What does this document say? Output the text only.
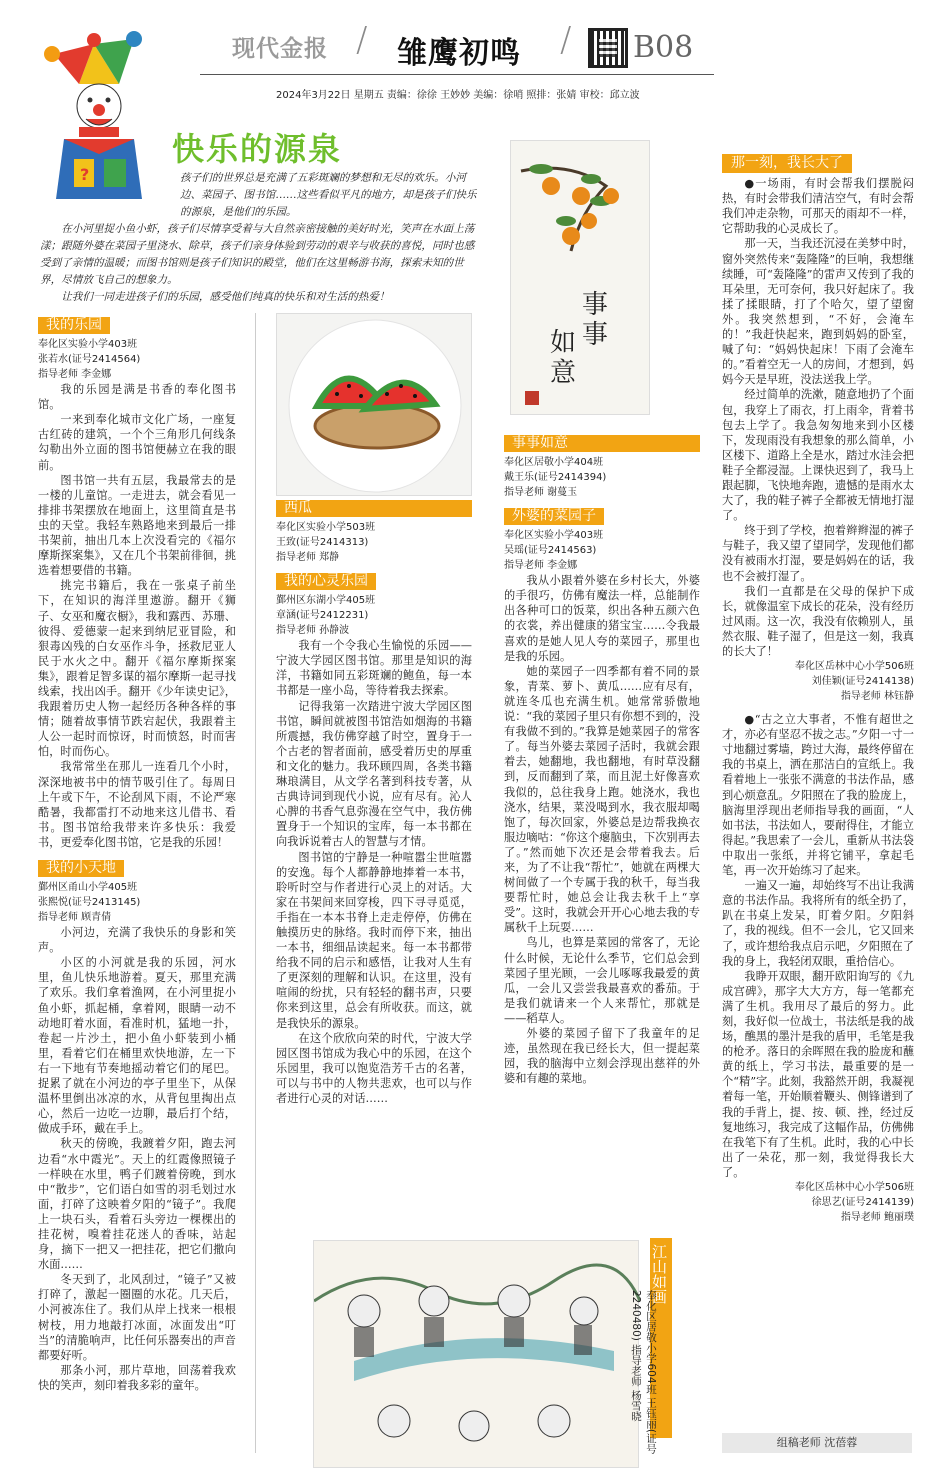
?
现代金报 / 雏鹰初鸣 / B08
2024年3月22日 星期五 责编：徐徐 王妙妙 美编：徐哨 照排：张婧 审校：邱立波
快乐的源泉

孩子们的世界总是充满了五彩斑斓的梦想和无尽的欢乐。小河边、菜园子、图书馆……这些看似平凡的地方，却是孩子们快乐的源泉，是他们的乐园。

在小河里捉小鱼小虾，孩子们尽情享受着与大自然亲密接触的美好时光，笑声在水面上荡漾；跟随外婆在菜园子里浇水、除草，孩子们亲身体验到劳动的艰辛与收获的喜悦，同时也感受到了亲情的温暖；而图书馆则是孩子们知识的殿堂，他们在这里畅游书海，探索未知的世界，尽情放飞自己的想象力。

让我们一同走进孩子们的乐园，感受他们纯真的快乐和对生活的热爱！

我的乐园

奉化区实验小学403班

张若水(证号2414564)

指导老师 李金娜

我的乐园是满是书香的奉化图书馆。

一来到奉化城市文化广场，一座复古红砖的建筑，一个个三角形几何线条勾勒出外立面的图书馆便赫立在我的眼前。

图书馆一共有五层，我最常去的是一楼的儿童馆。一走进去，就会看见一排排书架摆放在地面上，这里简直是书虫的天堂。我轻车熟路地来到最后一排书架前，抽出几本上次没看完的《福尔摩斯探案集》，又在几个书架前徘徊，挑选着想要借的书籍。

挑完书籍后，我在一张桌子前坐下，在知识的海洋里遨游。翻开《狮子、女巫和魔衣橱》，我和露西、苏珊、彼得、爱德蒙一起来到纳尼亚冒险，和狠毒凶残的白女巫作斗争，拯救尼亚人民于水火之中。翻开《福尔摩斯探案集》，跟着足智多谋的福尔摩斯一起寻找线索，找出凶手。翻开《少年读史记》，我跟着历史人物一起经历各种各样的事情；随着故事情节跌宕起伏，我跟着主人公一起时而惊讶，时而愤怒，时而害怕，时而伤心。

我常常坐在那儿一连看几个小时，深深地被书中的情节吸引住了。每周日上午或下午，不论刮风下雨，不论严寒酷暑，我都雷打不动地来这儿借书、看书。图书馆给我带来许多快乐：我爱书，更爱奉化图书馆，它是我的乐园！

我的小天地

鄞州区甬山小学405班

张熙悦(证号2413145)

指导老师 顾青倩

小河边，充满了我快乐的身影和笑声。

小区的小河就是我的乐园，河水里，鱼儿快乐地游着。夏天，那里充满了欢乐。我们拿着渔网，在小河里捉小鱼小虾，抓起桶，拿着网，眼睛一动不动地盯着水面，看准时机，猛地一扑，卷起一片沙土，把小鱼小虾装到小桶里，看着它们在桶里欢快地游，左一下右一下地有节奏地摇动着它们的尾巴。捉累了就在小河边的亭子里坐下，从保温杯里倒出冰凉的水，从背包里掏出点心，然后一边吃一边聊，最后打个结，做成手环，戴在手上。

秋天的傍晚，我踱着夕阳，跑去河边看“水中霞光”。天上的红霞像照镜子一样映在水里，鸭子们踱着傍晚，到水中“散步”，它们语白如雪的羽毛划过水面，打碎了这映着夕阳的“镜子”。我爬上一块石头，看着石头旁边一棵棵出的挂花树，嗅着挂花迷人的香味，站起身，摘下一把又一把挂花，把它们撒向水面……

冬天到了，北风刮过，“镜子”又被打碎了，激起一圈圈的水花。几天后，小河被冻住了。我们从岸上找来一根根树枝，用力地敲打冰面，冰面发出“叮当”的清脆响声，比任何乐器奏出的声音都要好听。

那条小河，那片草地，回荡着我欢快的笑声，刻印着我多彩的童年。

西瓜

奉化区实验小学503班

王致(证号2414313)

指导老师 郑静

我的心灵乐园

鄞州区东湖小学405班

章涵(证号2412231)

指导老师 孙静波

我有一个令我心生愉悦的乐园——宁波大学园区图书馆。那里是知识的海洋，书籍如同五彩斑斓的鲍鱼，每一本书都是一座小岛，等待着我去探索。

记得我第一次踏进宁波大学园区图书馆，瞬间就被图书馆浩如烟海的书籍所震撼，我仿佛穿越了时空，置身于一个古老的智者面前，感受着历史的厚重和文化的魅力。我环顾四周，各类书籍琳琅满目，从文学名著到科技专著，从古典诗词到现代小说，应有尽有。沁人心脾的书香气息弥漫在空气中，我仿佛置身于一个知识的宝库，每一本书都在向我诉说着古人的智慧与才情。

图书馆的宁静是一种喧嚣尘世喧嚣的安逸。每个人都静静地捧着一本书，聆听时空与作者进行心灵上的对话。大家在书架间来回穿梭，四下寻寻觅觅，手指在一本本书脊上走走停停，仿佛在触摸历史的脉络。我时而停下来，抽出一本书，细细品读起来。每一本书都带给我不同的启示和感悟，让我对人生有了更深刻的理解和认识。在这里，没有喧闹的纷扰，只有轻轻的翻书声，只要你来到这里，总会有所收获。而这，就是我快乐的源泉。

在这个欣欣向荣的时代，宁波大学园区图书馆成为我心中的乐园，在这个乐园里，我可以饱览浩芳千古的名著，可以与书中的人物共悲欢，也可以与作者进行心灵的对话……

事
事
如
意
事事如意

奉化区居敬小学404班

戴王乐(证号2414394)

指导老师 谢蔓玉

外婆的菜园子

奉化区实验小学403班

吴瑶(证号2414563)

指导老师 李金娜

我从小跟着外婆在乡村长大，外婆的手很巧，仿佛有魔法一样，总能制作出各种可口的饭菜，织出各种五颜六色的衣裳，养出健康的猪宝宝……令我最喜欢的是她人见人夸的菜园子，那里也是我的乐园。

她的菜园子一四季都有着不同的景象，青菜、萝卜、黄瓜……应有尽有，就连冬瓜也充满生机。她常常骄傲地说：“我的菜园子里只有你想不到的，没有我做不到的。”我算是她菜园子的常客了。每当外婆去菜园子活时，我就会跟着去，她翻地，我也翻地，有时草没翻到，反而翻到了菜，而且泥土好像喜欢我似的，总往我身上跑。她浇水，我也浇水，结果，菜没喝到水，我衣服却喝饱了，每次回家，外婆总是边帮我换衣服边嘀咕：“你这个瘪脑虫，下次别再去了。”然而她下次还是会带着我去。后来，为了不让我“帮忙”，她就在两棵大树间做了一个专属于我的秋千，每当我要帮忙时，她总会让我去秋千上“享受”。这时，我就会开开心心地去我的专属秋千上玩耍……

鸟儿，也算是菜园的常客了，无论什么时候，无论什么季节，它们总会到菜园子里光顾，一会儿啄啄我最爱的黄瓜，一会儿又尝尝我最喜欢的番茄。于是我们就请来一个人来帮忙，那就是——稻草人。

外婆的菜园子留下了我童年的足迹，虽然现在我已经长大，但一提起菜园，我的脑海中立刻会浮现出慈祥的外婆和有趣的菜地。

江山如画
奉化区居敬小学604班 王钰丽(证号2240480) 指导老师 杨雪晓
那一刻，我长大了

●一场雨，有时会帮我们摆脱闷热，有时会带我们清洁空气，有时会帮我们冲走杂物，可那天的雨却不一样，它帮助我的心灵成长了。

那一天，当我还沉浸在美梦中时，窗外突然传来“轰隆隆”的巨响，我想继续睡，可“轰隆隆”的雷声又传到了我的耳朵里，无可奈何，我只好起床了。我揉了揉眼睛，打了个哈欠，望了望窗外。我突然想到，“不好，会淹车的！”我赶快起来，跑到妈妈的卧室，喊了句：“妈妈快起床！下雨了会淹车的。”看着空无一人的房间，才想到，妈妈今天是早班，没法送我上学。

经过简单的洗漱，随意地扔了个面包，我穿上了雨衣，打上雨伞，背着书包去上学了。我急匆匆地来到小区楼下，发现雨没有我想象的那么简单，小区楼下、道路上全是水，踏过水洼会把鞋子全都浸湿。上课快迟到了，我马上跟起脚，飞快地奔跑，遗憾的是雨水太大了，我的鞋子裤子全都被无情地打湿了。

终于到了学校，抱着辫辫湿的裤子与鞋子，我又望了望同学，发现他们都没有被雨水打湿，要是妈妈在的话，我也不会被打湿了。

我们一直都是在父母的保护下成长，就像温室下成长的花朵，没有经历过风雨。这一次，我没有依赖别人，虽然衣服、鞋子湿了，但是这一刻，我真的长大了！

奉化区岳林中心小学506班

刘佳颖(证号2414138)

指导老师 林钰静

●“古之立大事者，不惟有超世之才，亦必有坚忍不拔之志。”夕阳一寸一寸地翻过雾墙，跨过大海，最终停留在我的书桌上，洒在那洁白的宣纸上。我看着地上一张张不满意的书法作品，感到心烦意乱。夕阳照在了我的脸庞上，脑海里浮现出老师指导我的画面，“人如书法，书法如人，要耐得住，才能立得起。”我思索了一会儿，重新从书法袋中取出一张纸，并将它铺平，拿起毛笔，再一次开始练习了起来。

一遍又一遍，却始终写不出让我满意的书法作品。我将所有的纸全扔了，趴在书桌上发呆，盯着夕阳。夕阳斜了，我的视线。但不一会儿，它又回来了，或许想给我点启示吧，夕阳照在了我的身上，我轻闭双眼，重拾信心。

我睁开双眼，翻开欧阳询写的《九成宫碑》，那字大大方方，每一笔都充满了生机。我用尽了最后的努力。此刻，我好似一位战士，书法纸是我的战场，醮黑的墨汁是我的盾甲，毛笔是我的枪矛。落日的余晖照在我的脸庞和蘸黄的纸上，学习书法，最重要的是一个“精”字。此刻，我豁然开朗，我凝视着每一笔，开始顺着鞭头、侧锋谱到了我的手背上，提、按、顿、挫，经过反复地练习，我完成了这幅作品，仿佛佛在我笔下有了生机。此时，我的心中长出了一朵花，那一刻，我觉得我长大了。

奉化区岳林中心小学506班

徐思艺(证号2414139)

指导老师 鲍丽璞

组稿老师 沈蓓蓉
